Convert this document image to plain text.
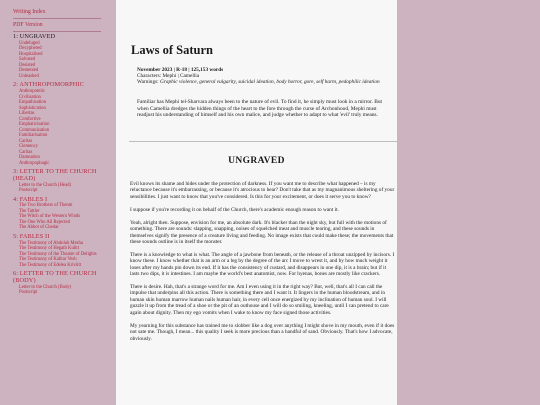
Writing Index
PDF Version
1: UNGRAVED
Undeluged
Decyphered
Hospitalised
Salvated
Desisted
Demented
Unleashed
2: ANTHROPOMORPHIC
Anthropotelic
Civilisation
Empathisation
Sophistication
Libertas
Comfortive
Emphaticisation
Communization
Familiarisation
Caritas
Clemency
Caritas
Damnation
Anthropophagic
3: LETTER TO THE CHURCH (HEAD)
Letter to the Church (Head)
Postscript
4: FABLES I
The Two Brothers of Thenm
The Tattler
The Witch of the Western Winds
The One Who All Rejected
The Abbot of Chedar
5: FABLES II
The Testimony of Abdulah Mesha
The Testimony of Hegath Kulitt
The Testimony of the Theatre of Delights
The Testimony of Kalitar Vesh
The Testimony of Edelea Kriviitt
6: LETTER TO THE CHURCH (BODY)
Letter to the Church (Body)
Postscript
Laws of Saturn
November 2023 | R-18 | 125,153 words
Characters: Mephi | Camellia
Warnings: Graphic violence, general vulgarity, suicidal ideation, body horror, gore, self harm, pedophilic ideation

Familiar has Mephi tel-Sharvara always been to the nature of evil. To find it, he simply must look in a mirror. But when Camellia dredges the hidden things of the heart to the fore through the curse of Archonhood, Mephi must readjust his understanding of himself and his own malice, and judge whether to adapt to what 'evil' truly means.

UNGRAVED

Evil knows its shame and hides under the protection of darkness. If you want me to describe what happened – is my reluctance because it's embarrassing, or because it's atrocious to hear? Don't take that as my magnanimous sheltering of your sensibilities. I just want to know that you've considered. Is this for your excitement, or does it serve you to know?

I suppose if you're recording it on behalf of the Church, there's academic enough reason to want it.

Yeah, alright then. Suppose, envision for me, an absolute dark. It's blacker than the night sky, but full with the motions of something. There are sounds: slapping, snapping, noises of squelched meat and muscle tearing, and these sounds in themselves signify the presence of a creature living and feeding. No image exists that could make these; the movements that these sounds outline is in itself the monster.

There is a knowledge to what is what. The angle of a jawbone from beneath, or the release of a throat unzipped by incisors. I know these. I know whether that is an arm or a leg by the degree of the arc I move to wrest it, and by how much weight it loses after my hands pin down its end. If it has the consistency of custard, and disappears in one dip, it is a brain; but if it lasts two dips, it is intestines. I am maybe the world's best anatomist, now. For hyenas, bones are mostly like crackers.

There is desire. Hah, that's a strange word for me. Am I even using it in the right way? But, well, that's all I can call the impulse that underpins all this action. There is something there and I want it. It lingers in the human bloodstream, and in human skin human marrow human nails human hair, in every cell once energized by my inclination of human soul. I will guzzle it up from the tread of a shoe or the pit of an outhouse and I will do so smiling, kneeling, until I can pretend to care again about dignity. Then my ego vomits when I wake to know my face signed those activities.

My yearning for this substance has trained me to slobber like a dog over anything I might shove in my mouth, even if it does not sate me. Though, I mean... this quality I seek is more precious than a handful of sand. Obviously. That's how I advocate, obviously.
